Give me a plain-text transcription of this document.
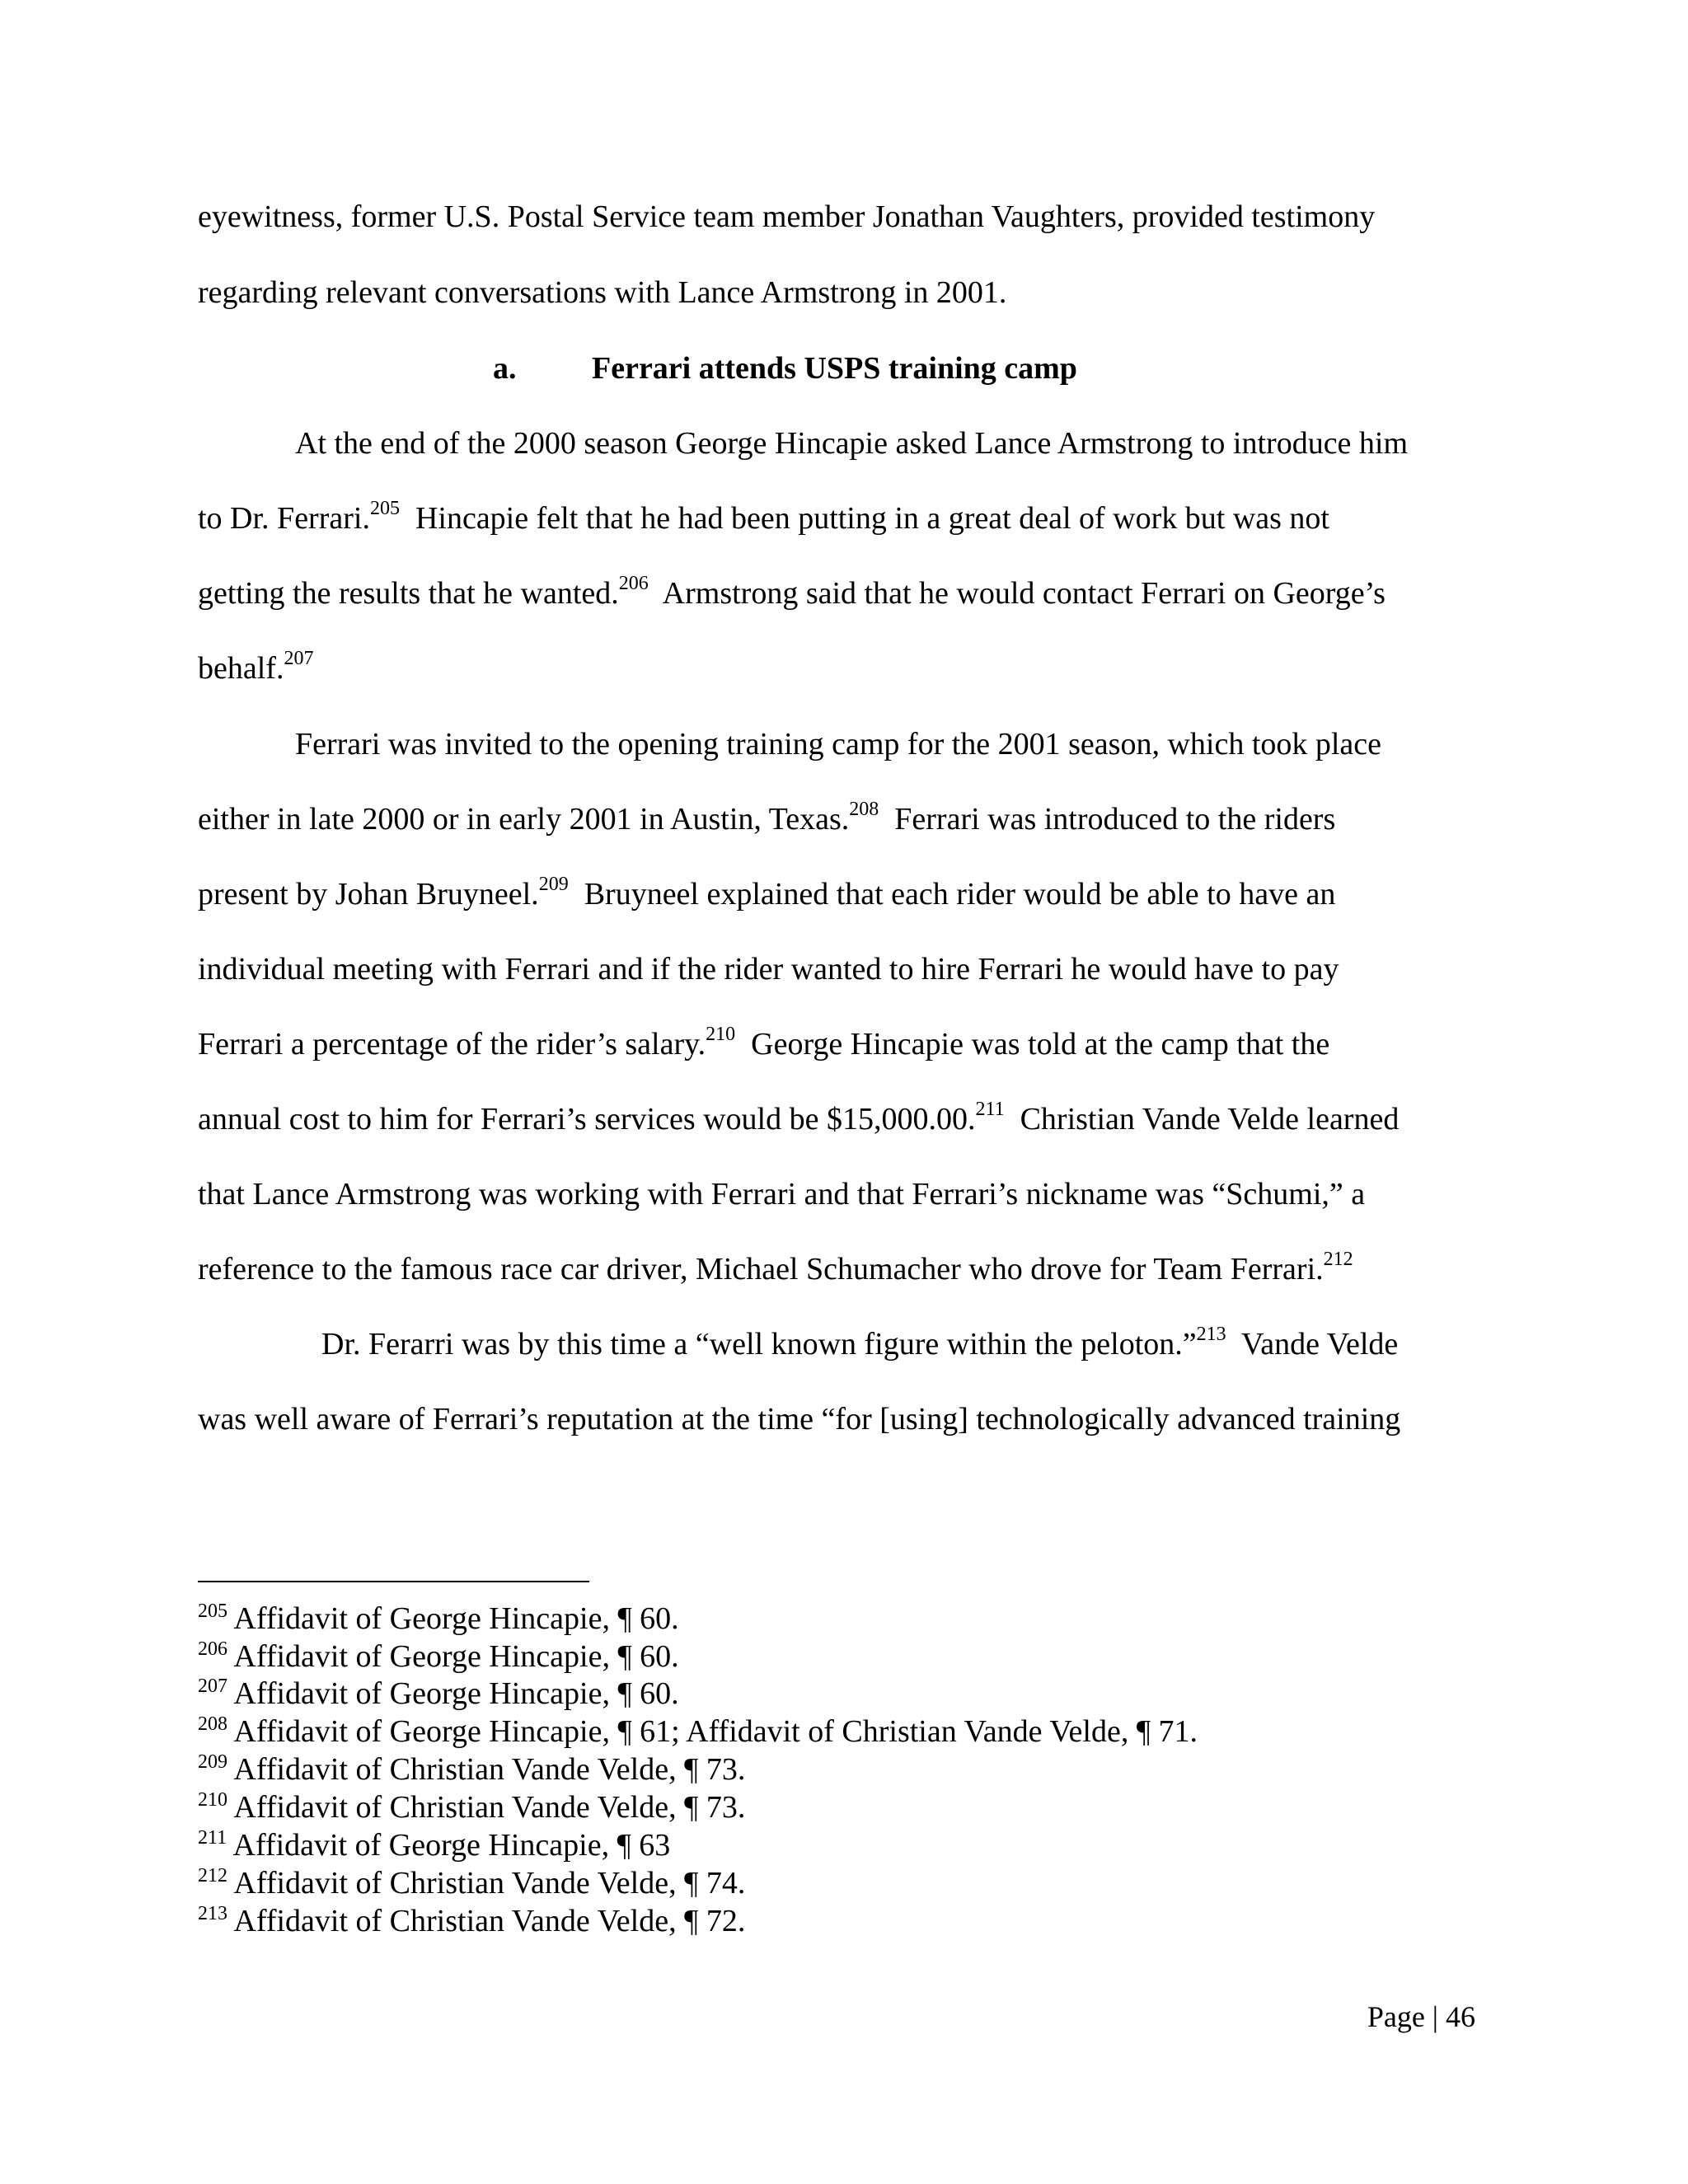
eyewitness, former U.S. Postal Service team member Jonathan Vaughters, provided testimony
regarding relevant conversations with Lance Armstrong in 2001.
a. Ferrari attends USPS training camp
At the end of the 2000 season George Hincapie asked Lance Armstrong to introduce him
to Dr. Ferrari.$^{205}$  Hincapie felt that he had been putting in a great deal of work but was not
getting the results that he wanted.$^{206}$  Armstrong said that he would contact Ferrari on George’s
behalf.$^{207}$
Ferrari was invited to the opening training camp for the 2001 season, which took place
either in late 2000 or in early 2001 in Austin, Texas.$^{208}$  Ferrari was introduced to the riders
present by Johan Bruyneel.$^{209}$  Bruyneel explained that each rider would be able to have an
individual meeting with Ferrari and if the rider wanted to hire Ferrari he would have to pay
Ferrari a percentage of the rider’s salary.$^{210}$  George Hincapie was told at the camp that the
annual cost to him for Ferrari’s services would be $15,000.00.$^{211}$  Christian Vande Velde learned
that Lance Armstrong was working with Ferrari and that Ferrari’s nickname was “Schumi,” a
reference to the famous race car driver, Michael Schumacher who drove for Team Ferrari.$^{212}$
Dr. Ferarri was by this time a “well known figure within the peloton.”$^{213}$  Vande Velde
was well aware of Ferrari’s reputation at the time “for [using] technologically advanced training
$^{205}$ Affidavit of George Hincapie, ¶ 60.
$^{206}$ Affidavit of George Hincapie, ¶ 60.
$^{207}$ Affidavit of George Hincapie, ¶ 60.
$^{208}$ Affidavit of George Hincapie, ¶ 61; Affidavit of Christian Vande Velde, ¶ 71.
$^{209}$ Affidavit of Christian Vande Velde, ¶ 73.
$^{210}$ Affidavit of Christian Vande Velde, ¶ 73.
$^{211}$ Affidavit of George Hincapie, ¶ 63
$^{212}$ Affidavit of Christian Vande Velde, ¶ 74.
$^{213}$ Affidavit of Christian Vande Velde, ¶ 72.
Page | 46
